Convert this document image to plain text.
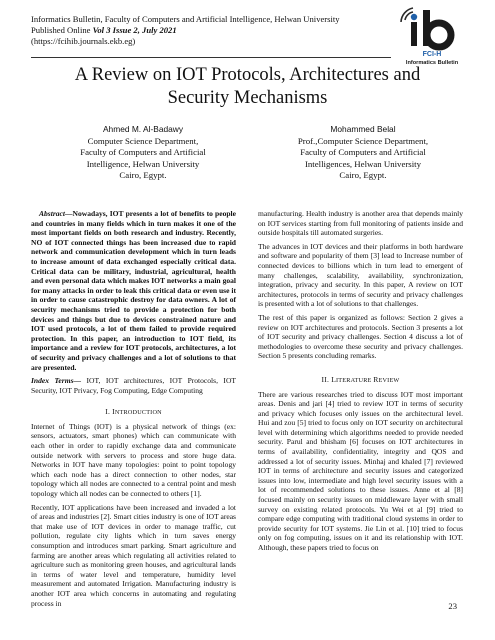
Informatics Bulletin, Faculty of Computers and Artificial Intelligence, Helwan University
Published Online Vol 3 Issue 2, July 2021
(https://fcihib.journals.ekb.eg)
FCI-H
Informatics Bulletin
A Review on IOT Protocols, Architectures and
Security Mechanisms
Ahmed M. Al-Badawy
Computer Science Department,
Faculty of Computers and Artificial
Intelligence, Helwan University
Cairo, Egypt.
Mohammed Belal
Prof.,Computer Science Department,
Faculty of Computers and Artificial
Intelligences, Helwan University
Cairo, Egypt.

Abstract—Nowadays, IOT presents a lot of benefits to people and countries in many fields which in turn makes it one of the most important fields on both research and industry. Recently, NO of IOT connected things has been increased due to rapid network and communication development which in turn leads to increase amount of data exchanged especially critical data. Critical data can be military, industrial, agricultural, health and even personal data which makes IOT networks a main goal for many attacks in order to leak this critical data or even use it in order to cause catastrophic destroy for data owners. A lot of security mechanisms tried to provide a protection for both devices and things but due to devices constrained nature and IOT used protocols, a lot of them failed to provide required protection. In this paper, an introduction to IOT field, its importance and a review for IOT protocols, architectures, a lot of security and privacy challenges and a lot of solutions to that are presented.

Index Terms— IOT, IOT architectures, IOT Protocols, IOT Security, IOT Privacy, Fog Computing, Edge Computing

I. INTRODUCTION

Internet of Things (IOT) is a physical network of things (ex: sensors, actuators, smart phones) which can communicate with each other in order to rapidly exchange data and communicate outside network with servers to process and store huge data. Networks in IOT have many topologies: point to point topology which each node has a direct connection to other nodes, star topology which all nodes are connected to a central point and mesh topology which all nodes can be connected to others [1].

Recently, IOT applications have been increased and invaded a lot of areas and industries [2]. Smart cities industry is one of IOT areas that make use of IOT devices in order to manage traffic, cut pollution, regulate city lights which in turn saves energy consumption and introduces smart parking. Smart agriculture and farming are another areas which regulating all activities related to agriculture such as monitoring green houses, and agricultural lands in terms of water level and temperature, humidity level measurement and automated Irrigation. Manufacturing industry is another IOT area which concerns in automating and regulating process in

manufacturing. Health industry is another area that depends mainly on IOT services starting from full monitoring of patients inside and outside hospitals till automated surgeries.

The advances in IOT devices and their platforms in both hardware and software and popularity of them [3] lead to Increase number of connected devices to billions which in turn lead to emergent of many challenges, scalability, availability, synchronization, integration, privacy and security. In this paper, A review on IOT architectures, protocols in terms of security and privacy challenges is presented with a lot of solutions to that challenges.

The rest of this paper is organized as follows: Section 2 gives a review on IOT architectures and protocols. Section 3 presents a lot of IOT security and privacy challenges. Section 4 discuss a lot of methodologies to overcome these security and privacy challenges. Section 5 presents concluding remarks.

II. LITERATURE REVIEW

There are various researches tried to discuss IOT most important areas. Denis and jari [4] tried to review IOT in terms of security and privacy which focuses only issues on the architectural level. Hui and zou [5] tried to focus only on IOT security on architectural level with determining which algorithms needed to provide needed security. Parul and bhisham [6] focuses on IOT architectures in terms of availability, confidentiality, integrity and QOS and addressed a lot of security issues. Minhaj and khaled [7] reviewed IOT in terms of architecture and security issues and categorized issues into low, intermediate and high level security issues with a lot of recommended solutions to these issues. Anne et al [8] focused mainly on security issues on middleware layer with small survey on existing related protocols. Yu Wei et al [9] tried to compare edge computing with traditional cloud systems in order to provide security for IOT systems. Jie Lin et al. [10] tried to focus only on fog computing, issues on it and its relationship with IOT. Although, these papers tried to focus on

23
